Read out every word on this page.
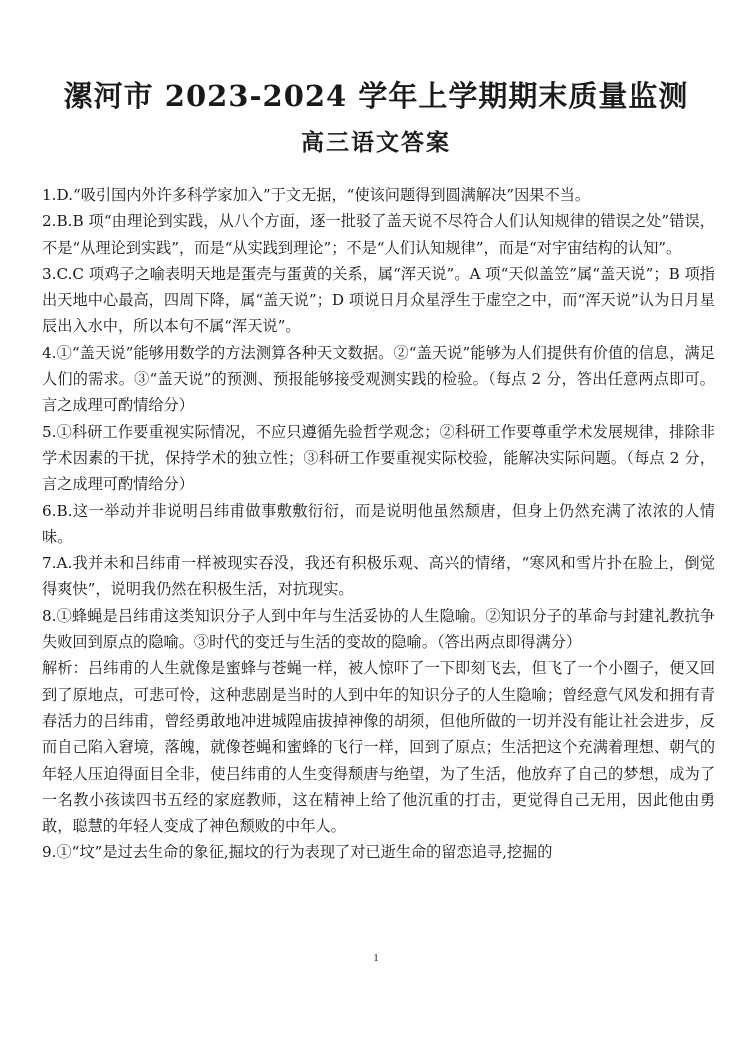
漯河市 2023-2024 学年上学期期末质量监测
高三语文答案

1.D.“吸引国内外许多科学家加入”于文无据，“使该问题得到圆满解决”因果不当。

2.B.B 项“由理论到实践，从八个方面，逐一批驳了盖天说不尽符合人们认知规律的错误之处”错误，不是“从理论到实践”，而是“从实践到理论”；不是“人们认知规律”，而是“对宇宙结构的认知”。

3.C.C 项鸡子之喻表明天地是蛋壳与蛋黄的关系，属“浑天说”。A 项“天似盖笠”属“盖天说”；B 项指出天地中心最高，四周下降，属“盖天说”；D 项说日月众星浮生于虚空之中，而“浑天说”认为日月星辰出入水中，所以本句不属“浑天说”。

4.①“盖天说”能够用数学的方法测算各种天文数据。②“盖天说”能够为人们提供有价值的信息，满足人们的需求。③“盖天说”的预测、预报能够接受观测实践的检验。（每点 2 分，答出任意两点即可。言之成理可酌情给分）

5.①科研工作要重视实际情况，不应只遵循先验哲学观念；②科研工作要尊重学术发展规律，排除非学术因素的干扰，保持学术的独立性；③科研工作要重视实际校验，能解决实际问题。（每点 2 分，言之成理可酌情给分）

6.B.这一举动并非说明吕纬甫做事敷敷衍衍，而是说明他虽然颓唐，但身上仍然充满了浓浓的人情味。

7.A.我并未和吕纬甫一样被现实吞没，我还有积极乐观、高兴的情绪，“寒风和雪片扑在脸上，倒觉得爽快”，说明我仍然在积极生活，对抗现实。

8.①蜂蝇是吕纬甫这类知识分子人到中年与生活妥协的人生隐喻。②知识分子的革命与封建礼教抗争失败回到原点的隐喻。③时代的变迁与生活的变故的隐喻。（答出两点即得满分）

解析：吕纬甫的人生就像是蜜蜂与苍蝇一样，被人惊吓了一下即刻飞去，但飞了一个小圈子，便又回到了原地点，可悲可怜，这种悲剧是当时的人到中年的知识分子的人生隐喻；曾经意气风发和拥有青春活力的吕纬甫，曾经勇敢地冲进城隍庙拔掉神像的胡须，但他所做的一切并没有能让社会进步，反而自己陷入窘境，落魄，就像苍蝇和蜜蜂的飞行一样，回到了原点；生活把这个充满着理想、朝气的年轻人压迫得面目全非，使吕纬甫的人生变得颓唐与绝望，为了生活，他放弃了自己的梦想，成为了一名教小孩读四书五经的家庭教师，这在精神上给了他沉重的打击，更觉得自己无用，因此他由勇敢，聪慧的年轻人变成了神色颓败的中年人。

9.①“坟”是过去生命的象征,掘坟的行为表现了对已逝生命的留恋追寻,挖掘的

1
